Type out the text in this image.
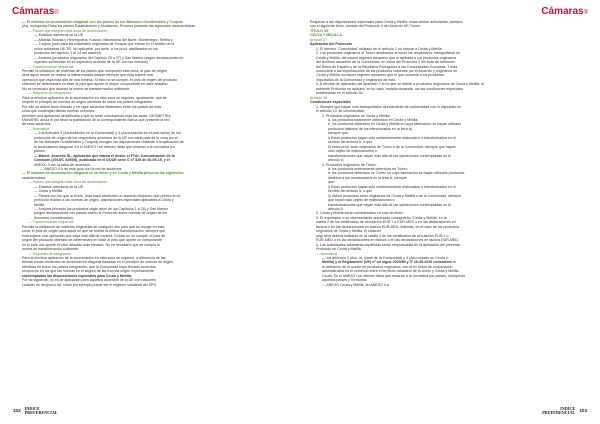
Cámaras®
— El sistema de acumulación diagonal con los países de los Balcanes Occidentales y Turquía
(es), incluyendo Rasa los países Estabilización y Asociación, Proceso presente las siguientes características:
— Países que integran esta zona de acumulación
— Estados miembros de la UE
— Albania, Bosnia y Herzegovina, Kosovo, Macedonia del Norte, Montenegro, Serbia y
— Turquía (sólo para los materiales originarios de Turquía que entran en el ámbito de la
unión aduanera UE-TR. No aplicable, por tanto, a los prod. clasificados en los
productos del capítulo 1 al 24 del arancel).
— Andorra (productos originarios del Capítulo 25 a 97) y San Marino (según declaraciones en
vigentes contenidas en el respectivo acuerdo de la UE con los mismos).
— Transformación requerida
Permite la utilización de materias de los países que componen esta zona, el país de origen
será aquel donde se realiza la última transformación siempre que esta supere una
operación que vaya más allá de una mínima. Si esto no se cumple, el país de origen del producto
obtenido se determinará en base al país que aporte el mayor componente en valor añadido.
No es necesario que alcance la norma de transformación suficiente.
— Requisito de integración
Para la efectiva aplicación de la acumulación en esta zona se requiere, igualmente, que se
respete el principio de normas de origen idénticas de todos los países integrantes.
Por ello se deben tener firmado y en vigor acuerdos bilaterales entre los países de esta
zona que contengan dichas normas comunes
permiten una aplicación simplificada y que se sean concluyendo más las actas. GEOMETRIA
MANAREL Anula el por favor la publicación de la correspondiente Marca que presente la red
de esos acuerdos.
— Normativa
— Los Artículos 3 (Acumulación en la Comunidad) y 4 (Acumulación en el país socio) de los
protocolos de origen de los respectivos acuerdos de la UE con cada país de la zona (en el
de los Balcanes Occidentales y Turquía) recogen las disposiciones relativas a la aplicación de
la acumulación diagonal. En el ANEXO I se ofrecen listas que enlazan a la normativa por
países.
— Marco: Acuerdo SL, aplicación que marca el dosier el FTAI: Comunicación de la
Comisión (2015/C 325/06), publicada en el DOUE serie C nº 325 de 30-09-15, y el
ANEXO II con la tabla de acuerdos.
— ANEXO II.b de esta guía con la red de acuerdos.
— El sistema de acumulación diagonal en la Unión y en Ceuta y Melilla presenta las siguientes
características:
— Países que integran esta zona de acumulación
— Estados miembros de la UE
— Ceuta y Melilla
— Países con los que la Unión, está haya celebrado un acuerdo recíproco que prevea en el
protocolo relativo a las normas de origen, disposiciones especiales aplicables a Ceuta y
Melilla.
— Andorra (excepto los productos origin arios de los Capítulos 1 a 24) y San Marino
(origen declaraciones con países anexo al Protocolo sobre normas de origen de los
Acuerdos considerados).
— Transformación requerida
Permite la utilización de materias originarias de cualquier otro país que se recoge en esta
zona, el país de origen será aquel en que se realice la última transformación, siempre que
esta supere una operación que vaya más allá de mínima. Si esto no se cumple, el país de
origen del producto obtenido se determinará en base al país que aporte un componente
en el país uno aporte el valor añadido más elevado. No es necesario que se cumpla la
norma de transformación suficiente.
— Requisito de integración
Para la efectiva aplicación de la acumulación en esta zona se requiere, a diferencia de las
demás zonas existentes de acumulación diagonal basadas en el principio de normas de origen
idénticas en todos los países integrantes, que la Comunidad haya firmado acuerdos
recíprocos en los que las normas en el seguro de las normas origen expresamente
contempladas las disposiciones especiales para Ceuta y Melilla.
Por tal siguiente, no es de aplicación para aquellos acuerdos de la UE con naciones
carácter de recíproco ad, como por ejemplo puede ser el régimen unilateral del SPG.
102 INDICE
PREFERENCIAL
Cámaras®
Respecto a las disposiciones especiales para Ceuta y Melilla, estas vienen articuladas, siempre,
con el siguiente texto, tomado del Protocolo 4 del Acuerdo UE-Túnez:
TÍTULO VII
CEUTA Y MELILLA
Artículo 37
Aplicación del Protocolo
1. El término "Comunidad" utilizado en el artículo 2 no incluye a Ceuta y Melilla.
2. Los productos originarios of Túnez destinados al hacer los respectivos, transportarse en
Ceuta y Melilla, del mismo régimen aduanero que el aplicado a los productos originarios
del territorio aduanero de la Comunidad, en virtud del Protocolo 2 del Acta de Adhesión
del Reino de España y de la República Portuguesa a las Comunidades Europeas. Túnez
concederá a las importaciones de los productos cubiertos por el Acuerdo y originarios en
Ceuta y Melilla un mismo régimen aduanero que el que conceda a los productos
importados de la Comunidad y originarios de ésta.
3. A efectos de aplicación del apartado 2 en lo que se refiere a productos originarios de Ceuta y Melilla, el
presente Protocolo se aplicará, en su caso, mutatis mutandis, sin las condiciones especiales
establecidas en el artículo 38.
Artículo 38
Condiciones especiales
1. Siempre que hayan sido transportados directamente de conformidad con lo dispuesto en
el artículo 13, se considerarán:
1. Productos originarios de Ceuta y Melilla:
a. los productos totalmente obtenidos en Ceuta y Melilla;
b. los productos obtenidos en Ceuta y Melilla en cuya fabricación se hayan utilizado
productos distintos de los mencionados en la letra a),
siempre que:
i) Estos productos hayan sido suficientemente elaborados o transformados en el
sentido del artículo 5, o que
ii) estos prod. sean originarios de Túnez o de la Comunidad, siempre que hayan
sido objeto de elaboraciones o
transformaciones que vayan más allá de las operaciones contempladas en el
artículo 6;
2. Productos originarios de Túnez:
a. los productos enteramente obtenidos en Túnez;
b. los productos obtenidos en Túnez en cuya fabricación se hayan utilizado productos
distintos a los mencionados en la letra A, siempre
que:
i) Estos productos hayan sido suficientemente elaborados o transformados en el
sentido del artículo 5, o que
ii) dichos productos sean originarios de Ceuta y Melilla o de la Comunidad, siempre
que hayan sido objeto de elaboraciones o
transformaciones que vayan más allá de las operaciones contempladas en el
artículo 6.
2. Ceuta y Melilla serán considerados un solo territorio.
3. El exportador o su representante autorizado consignarán "Ceuta y Melilla" en la
casilla 2 de los certificados de circulación EUR.1 o EUR-MED o en las declaraciones en
factura o en las declaraciones en factura EUR-MED. Además, en el caso de los productos
originarios de Ceuta y Melilla, el carácter
origi sera deberá indicarse en la casilla 4 de los certificados de circulación EUR.1 o
EUR-MED o en las declaraciones en factura o en las declaraciones en factura EUR-MED.
4. Las autoridades aduaneras españolas serán responsables de la aplicación del presente
Protocolo en Ceuta y Melilla.
— Normativa
— los artículos 3 (Acu. m, ulade de la Comunidad) y 4 (Acu mulado en Ceuta y
Melilla) y el Reglamento (UE) nº un signo 2020/80 y 3ª 26-05-2020 consideren a
la definición de la noción de productos originarios, con el fin todos de cooperación
administrativa en el comercio entre el territorio aduanero de la Unión y Ceuta y Melilla.
Ceuta, En el ANEXO I se ofrecen listas que enlazan a la normativa por países, incluyendo
aquellos países y Territorios.
— ANEXO Ceuta y Melilla, en ANEXO II.a
INDICE
PREFERENCIAL 103
